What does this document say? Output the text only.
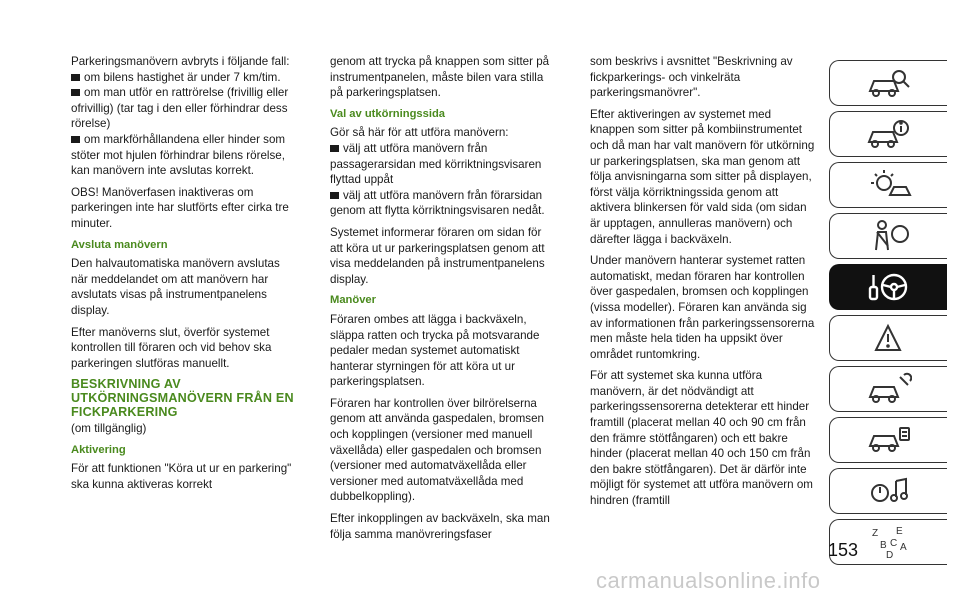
Parkeringsmanövern avbryts i följande fall:

om bilens hastighet är under 7 km/tim.

om man utför en rattrörelse (frivillig eller ofrivillig) (tar tag i den eller förhindrar dess rörelse)

om markförhållandena eller hinder som stöter mot hjulen förhindrar bilens rörelse, kan manövern inte avslutas korrekt.

OBS! Manöverfasen inaktiveras om parkeringen inte har slutförts efter cirka tre minuter.

Avsluta manövern

Den halvautomatiska manövern avslutas när meddelandet om att manövern har avslutats visas på instrumentpanelens display.

Efter manöverns slut, överför systemet kontrollen till föraren och vid behov ska parkeringen slutföras manuellt.

BESKRIVNING AV UTKÖRNINGSMANÖVERN FRÅN EN FICKPARKERING

(om tillgänglig)

Aktivering

För att funktionen "Köra ut ur en parkering" ska kunna aktiveras korrekt

genom att trycka på knappen som sitter på instrumentpanelen, måste bilen vara stilla på parkeringsplatsen.

Val av utkörningssida

Gör så här för att utföra manövern:

välj att utföra manövern från passagerarsidan med körriktningsvisaren flyttad uppåt

välj att utföra manövern från förarsidan genom att flytta körriktningsvisaren nedåt.

Systemet informerar föraren om sidan för att köra ut ur parkeringsplatsen genom att visa meddelanden på instrumentpanelens display.

Manöver

Föraren ombes att lägga i backväxeln, släppa ratten och trycka på motsvarande pedaler medan systemet automatiskt hanterar styrningen för att köra ut ur parkeringsplatsen.

Föraren har kontrollen över bilrörelserna genom att använda gaspedalen, bromsen och kopplingen (versioner med manuell växellåda) eller gaspedalen och bromsen (versioner med automatväxellåda eller versioner med automatväxellåda med dubbelkoppling).

Efter inkopplingen av backväxeln, ska man följa samma manövreringsfaser

som beskrivs i avsnittet "Beskrivning av fickparkerings- och vinkelräta parkeringsmanövrer".

Efter aktiveringen av systemet med knappen som sitter på kombiinstrumentet och då man har valt manövern för utkörning ur parkeringsplatsen, ska man genom att följa anvisningarna som sitter på displayen, först välja körriktningssida genom att aktivera blinkersen för vald sida (om sidan är upptagen, annulleras manövern) och därefter lägga i backväxeln.

Under manövern hanterar systemet ratten automatiskt, medan föraren har kontrollen över gaspedalen, bromsen och kopplingen (vissa modeller). Föraren kan använda sig av informationen från parkeringssensorerna men måste hela tiden ha uppsikt över området runtomkring.

För att systemet ska kunna utföra manövern, är det nödvändigt att parkeringssensorerna detekterar ett hinder framtill (placerat mellan 40 och 90 cm från den främre stötfångaren) och ett bakre hinder (placerat mellan 40 och 150 cm från den bakre stötfångaren). Det är därför inte möjligt för systemet att utföra manövern om hindren (framtill

Z E
B C A
D
153
carmanualsonline.info
